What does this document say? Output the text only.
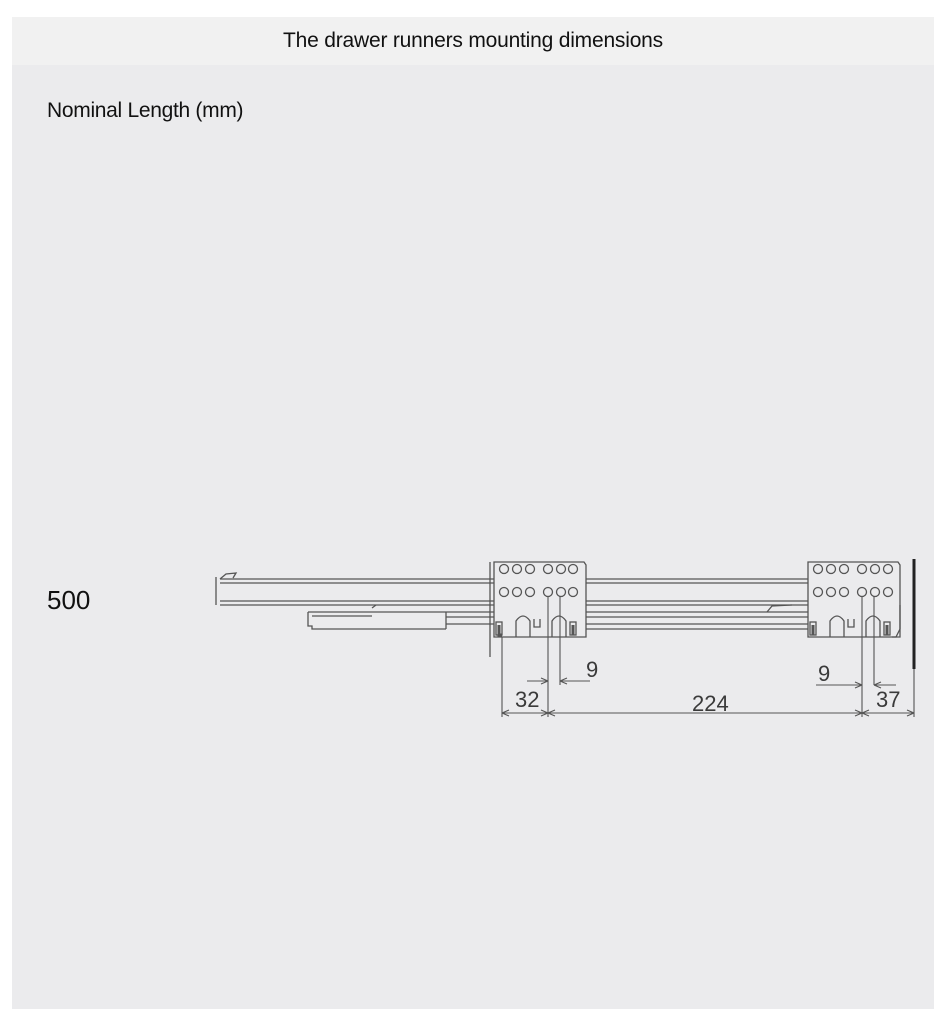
The drawer runners mounting dimensions
Nominal Length (mm)
500
32
9
224
9
37
